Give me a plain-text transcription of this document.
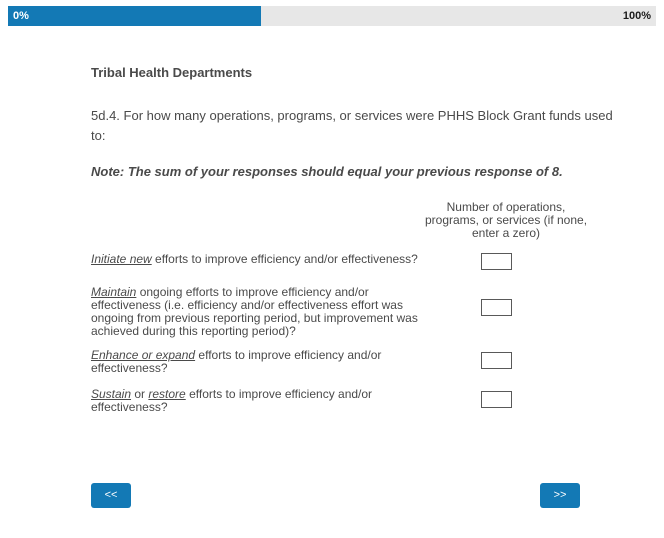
0%	100%
Tribal Health Departments

5d.4. For how many operations, programs, or services were PHHS Block Grant funds used to:

Note: The sum of your responses should equal your previous response of 8.

Number of operations, programs, or services (if none, enter a zero)
Initiate new efforts to improve efficiency and/or effectiveness?
Maintain ongoing efforts to improve efficiency and/or effectiveness (i.e. efficiency and/or effectiveness effort was ongoing from previous reporting period, but improvement was achieved during this reporting period)?
Enhance or expand efforts to improve efficiency and/or effectiveness?
Sustain or restore efforts to improve efficiency and/or effectiveness?
<<	>>
